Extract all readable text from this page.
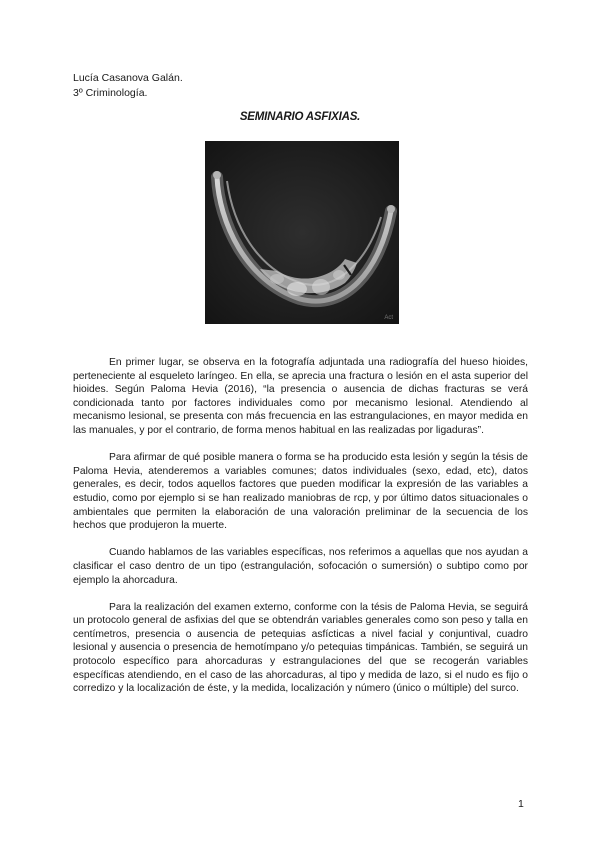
Lucía Casanova Galán.
3º Criminología.
SEMINARIO ASFIXIAS.
Act

En primer lugar, se observa en la fotografía adjuntada una radiografía del hueso hioides, perteneciente al esqueleto laríngeo. En ella, se aprecia una fractura o lesión en el asta superior del hioides. Según Paloma Hevia (2016), “la presencia o ausencia de dichas fracturas se verá condicionada tanto por factores individuales como por mecanismo lesional. Atendiendo al mecanismo lesional, se presenta con más frecuencia en las estrangulaciones, en mayor medida en las manuales, y por el contrario, de forma menos habitual en las realizadas por ligaduras”.

Para afirmar de qué posible manera o forma se ha producido esta lesión y según la tésis de Paloma Hevia, atenderemos a variables comunes; datos individuales (sexo, edad, etc), datos generales, es decir, todos aquellos factores que pueden modificar la expresión de las variables a estudio, como por ejemplo si se han realizado maniobras de rcp, y por último datos situacionales o ambientales que permiten la elaboración de una valoración preliminar de la secuencia de los hechos que produjeron la muerte.

Cuando hablamos de las variables específicas, nos referimos a aquellas que nos ayudan a clasificar el caso dentro de un tipo (estrangulación, sofocación o sumersión) o subtipo como por ejemplo la ahorcadura.

Para la realización del examen externo, conforme con la tésis de Paloma Hevia, se seguirá un protocolo general de asfixias del que se obtendrán variables generales como son peso y talla en centímetros, presencia o ausencia de petequias asfícticas a nivel facial y conjuntival, cuadro lesional y ausencia o presencia de hemotímpano y/o petequias timpánicas. También, se seguirá un protocolo específico para ahorcaduras y estrangulaciones del que se recogerán variables específicas atendiendo, en el caso de las ahorcaduras, al tipo y medida de lazo, si el nudo es fijo o corredizo y la localización de éste, y la medida, localización y número (único o múltiple) del surco.

1
